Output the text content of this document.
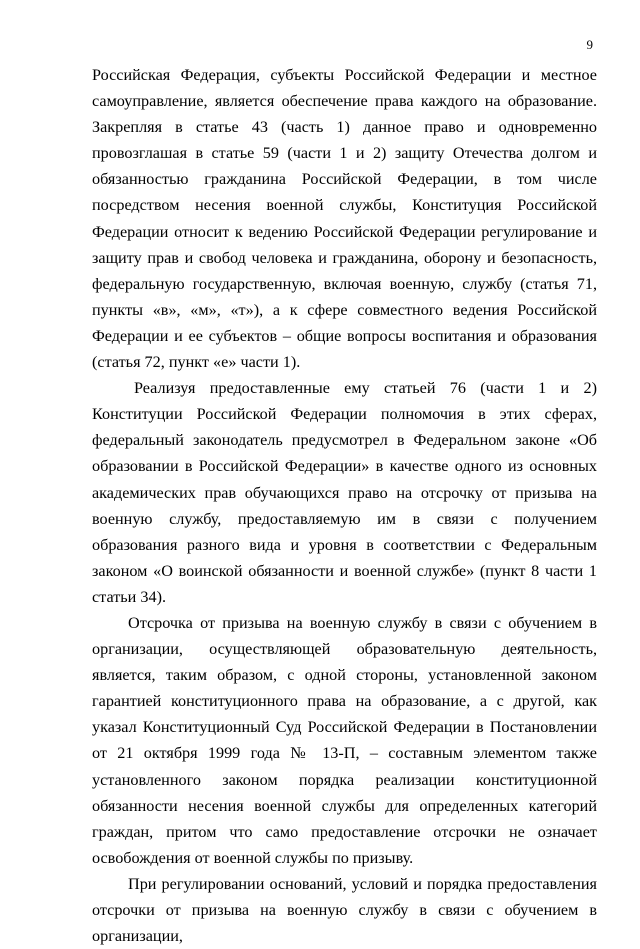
9

Российская Федерация, субъекты Российской Федерации и местное самоуправление, является обеспечение права каждого на образование. Закрепляя в статье 43 (часть 1) данное право и одновременно провозглашая в статье 59 (части 1 и 2) защиту Отечества долгом и обязанностью гражданина Российской Федерации, в том числе посредством несения военной службы, Конституция Российской Федерации относит к ведению Российской Федерации регулирование и защиту прав и свобод человека и гражданина, оборону и безопасность, федеральную государственную, включая военную, службу (статья 71, пункты «в», «м», «т»), а к сфере совместного ведения Российской Федерации и ее субъектов – общие вопросы воспитания и образования (статья 72, пункт «е» части 1).

Реализуя предоставленные ему статьей 76 (части 1 и 2) Конституции Российской Федерации полномочия в этих сферах, федеральный законодатель предусмотрел в Федеральном законе «Об образовании в Российской Федерации» в качестве одного из основных академических прав обучающихся право на отсрочку от призыва на военную службу, предоставляемую им в связи с получением образования разного вида и уровня в соответствии с Федеральным законом «О воинской обязанности и военной службе» (пункт 8 части 1 статьи 34).

Отсрочка от призыва на военную службу в связи с обучением в организации, осуществляющей образовательную деятельность, является, таким образом, с одной стороны, установленной законом гарантией конституционного права на образование, а с другой, как указал Конституционный Суд Российской Федерации в Постановлении от 21 октября 1999 года № 13-П, – составным элементом также установленного законом порядка реализации конституционной обязанности несения военной службы для определенных категорий граждан, притом что само предоставление отсрочки не означает освобождения от военной службы по призыву.

При регулировании оснований, условий и порядка предоставления отсрочки от призыва на военную службу в связи с обучением в организации,
